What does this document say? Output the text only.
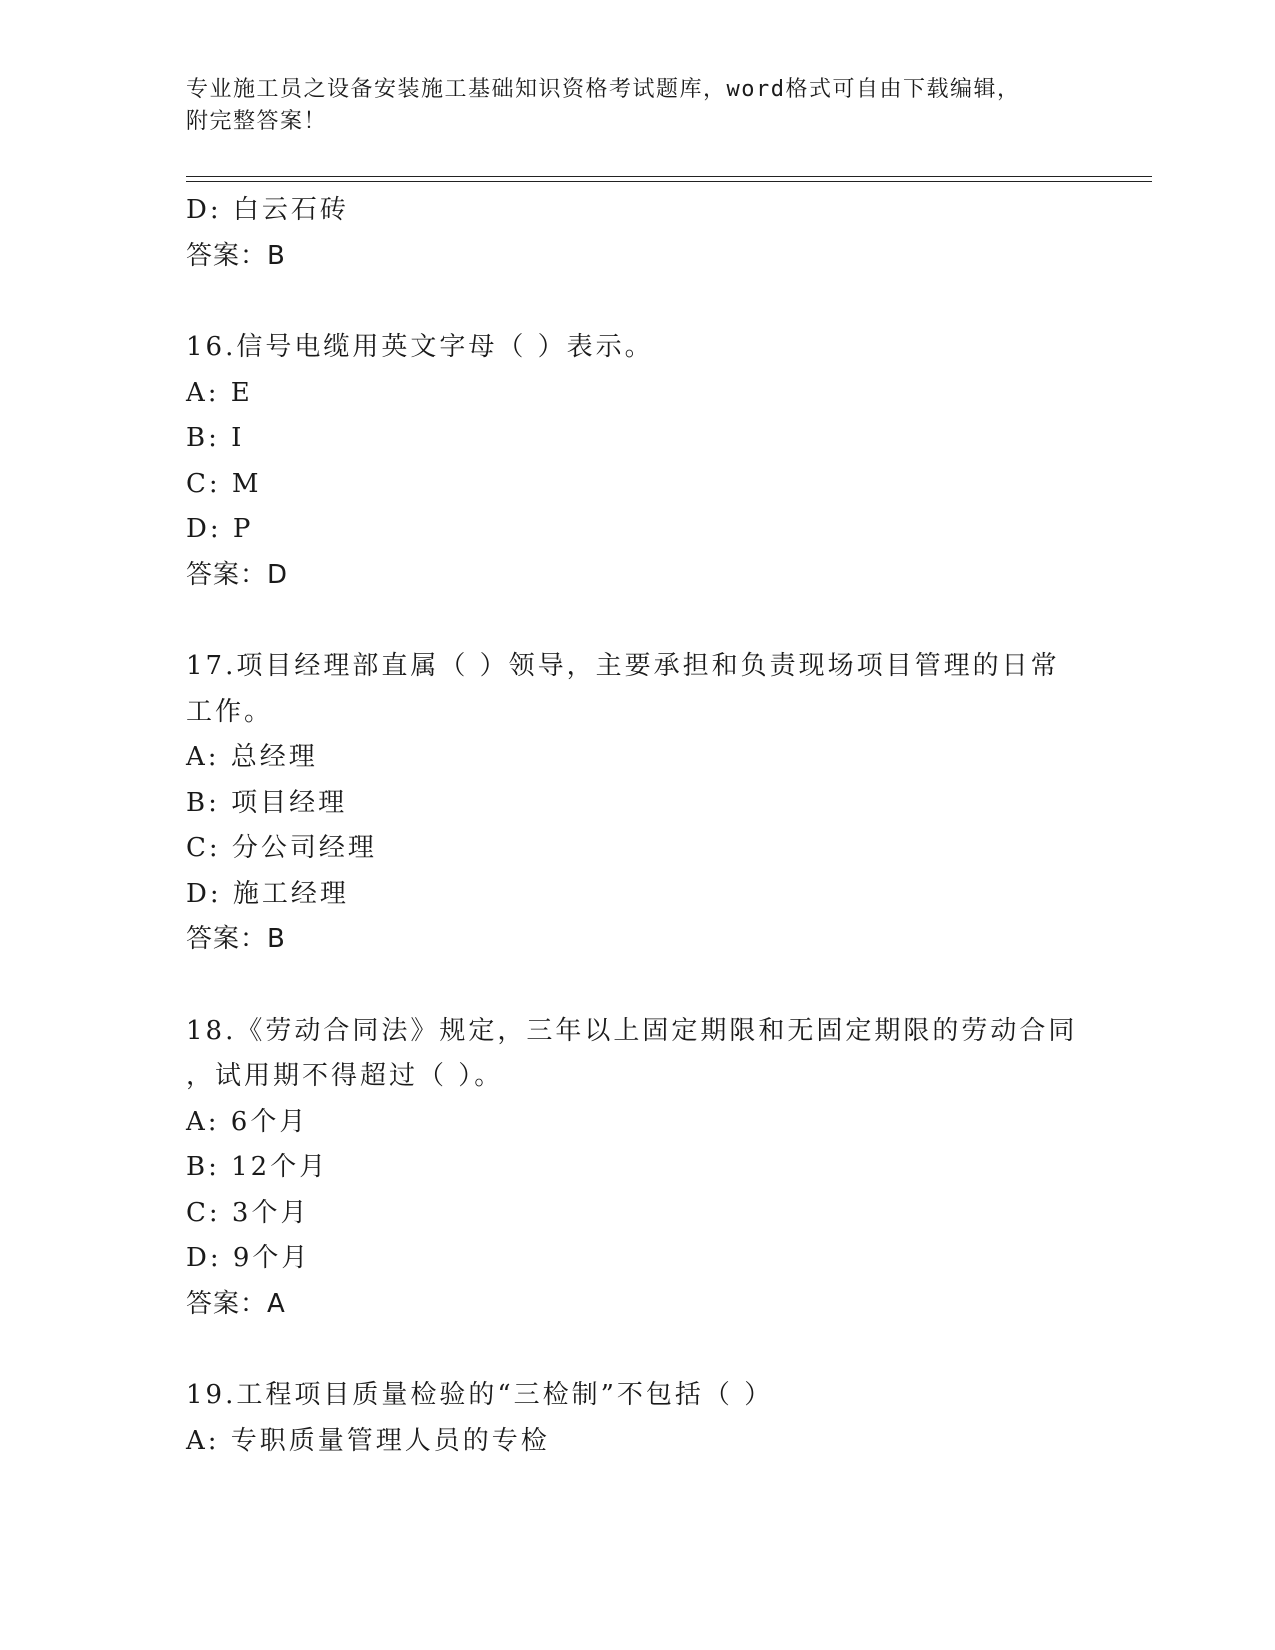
专业施工员之设备安装施工基础知识资格考试题库，word格式可自由下载编辑，
附完整答案！
D: 白云石砖
答案：B
16.信号电缆用英文字母（ ）表示。
A: E
B: I
C: M
D: P
答案：D
17.项目经理部直属（ ）领导，主要承担和负责现场项目管理的日常
工作。
A: 总经理
B: 项目经理
C: 分公司经理
D: 施工经理
答案：B
18.《劳动合同法》规定，三年以上固定期限和无固定期限的劳动合同
，试用期不得超过（ ）。
A: 6个月
B: 12个月
C: 3个月
D: 9个月
答案：A
19.工程项目质量检验的“三检制”不包括（ ）
A: 专职质量管理人员的专检
